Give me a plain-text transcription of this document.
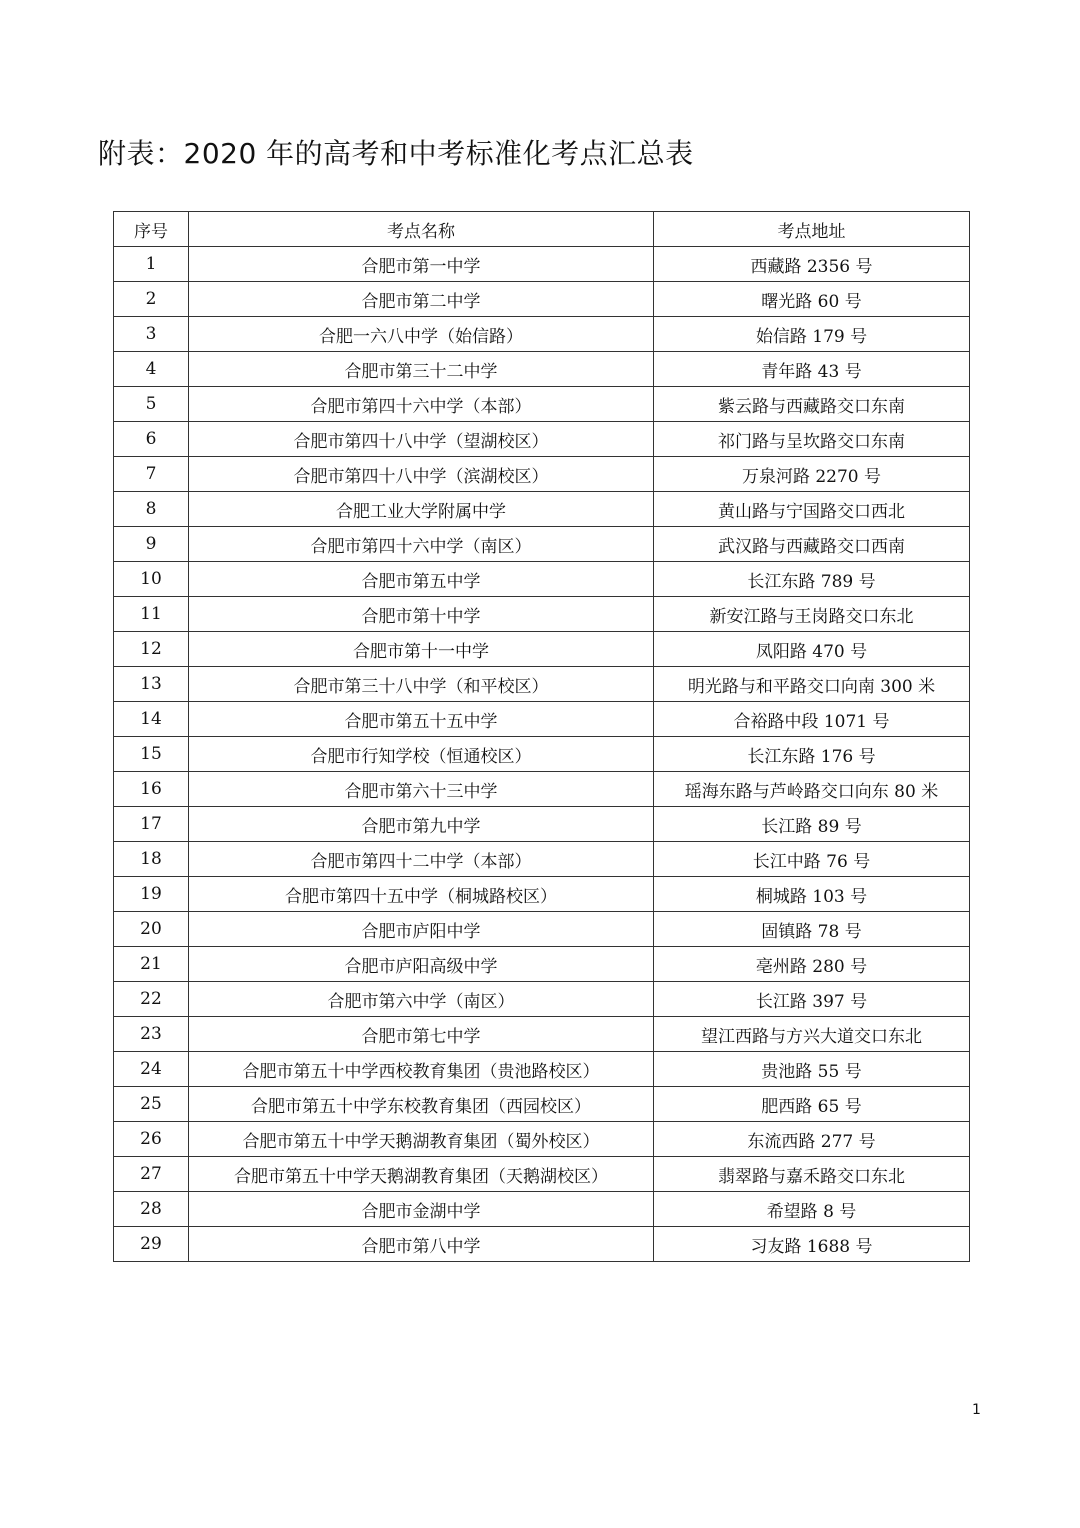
附表：2020 年的高考和中考标准化考点汇总表
序号	考点名称	考点地址
1	合肥市第一中学	西藏路 2356 号
2	合肥市第二中学	曙光路 60 号
3	合肥一六八中学（始信路）	始信路 179 号
4	合肥市第三十二中学	青年路 43 号
5	合肥市第四十六中学（本部）	紫云路与西藏路交口东南
6	合肥市第四十八中学（望湖校区）	祁门路与呈坎路交口东南
7	合肥市第四十八中学（滨湖校区）	万泉河路 2270 号
8	合肥工业大学附属中学	黄山路与宁国路交口西北
9	合肥市第四十六中学（南区）	武汉路与西藏路交口西南
10	合肥市第五中学	长江东路 789 号
11	合肥市第十中学	新安江路与王岗路交口东北
12	合肥市第十一中学	凤阳路 470 号
13	合肥市第三十八中学（和平校区）	明光路与和平路交口向南 300 米
14	合肥市第五十五中学	合裕路中段 1071 号
15	合肥市行知学校（恒通校区）	长江东路 176 号
16	合肥市第六十三中学	瑶海东路与芦岭路交口向东 80 米
17	合肥市第九中学	长江路 89 号
18	合肥市第四十二中学（本部）	长江中路 76 号
19	合肥市第四十五中学（桐城路校区）	桐城路 103 号
20	合肥市庐阳中学	固镇路 78 号
21	合肥市庐阳高级中学	亳州路 280 号
22	合肥市第六中学（南区）	长江路 397 号
23	合肥市第七中学	望江西路与方兴大道交口东北
24	合肥市第五十中学西校教育集团（贵池路校区）	贵池路 55 号
25	合肥市第五十中学东校教育集团（西园校区）	肥西路 65 号
26	合肥市第五十中学天鹅湖教育集团（蜀外校区）	东流西路 277 号
27	合肥市第五十中学天鹅湖教育集团（天鹅湖校区）	翡翠路与嘉禾路交口东北
28	合肥市金湖中学	希望路 8 号
29	合肥市第八中学	习友路 1688 号
1
